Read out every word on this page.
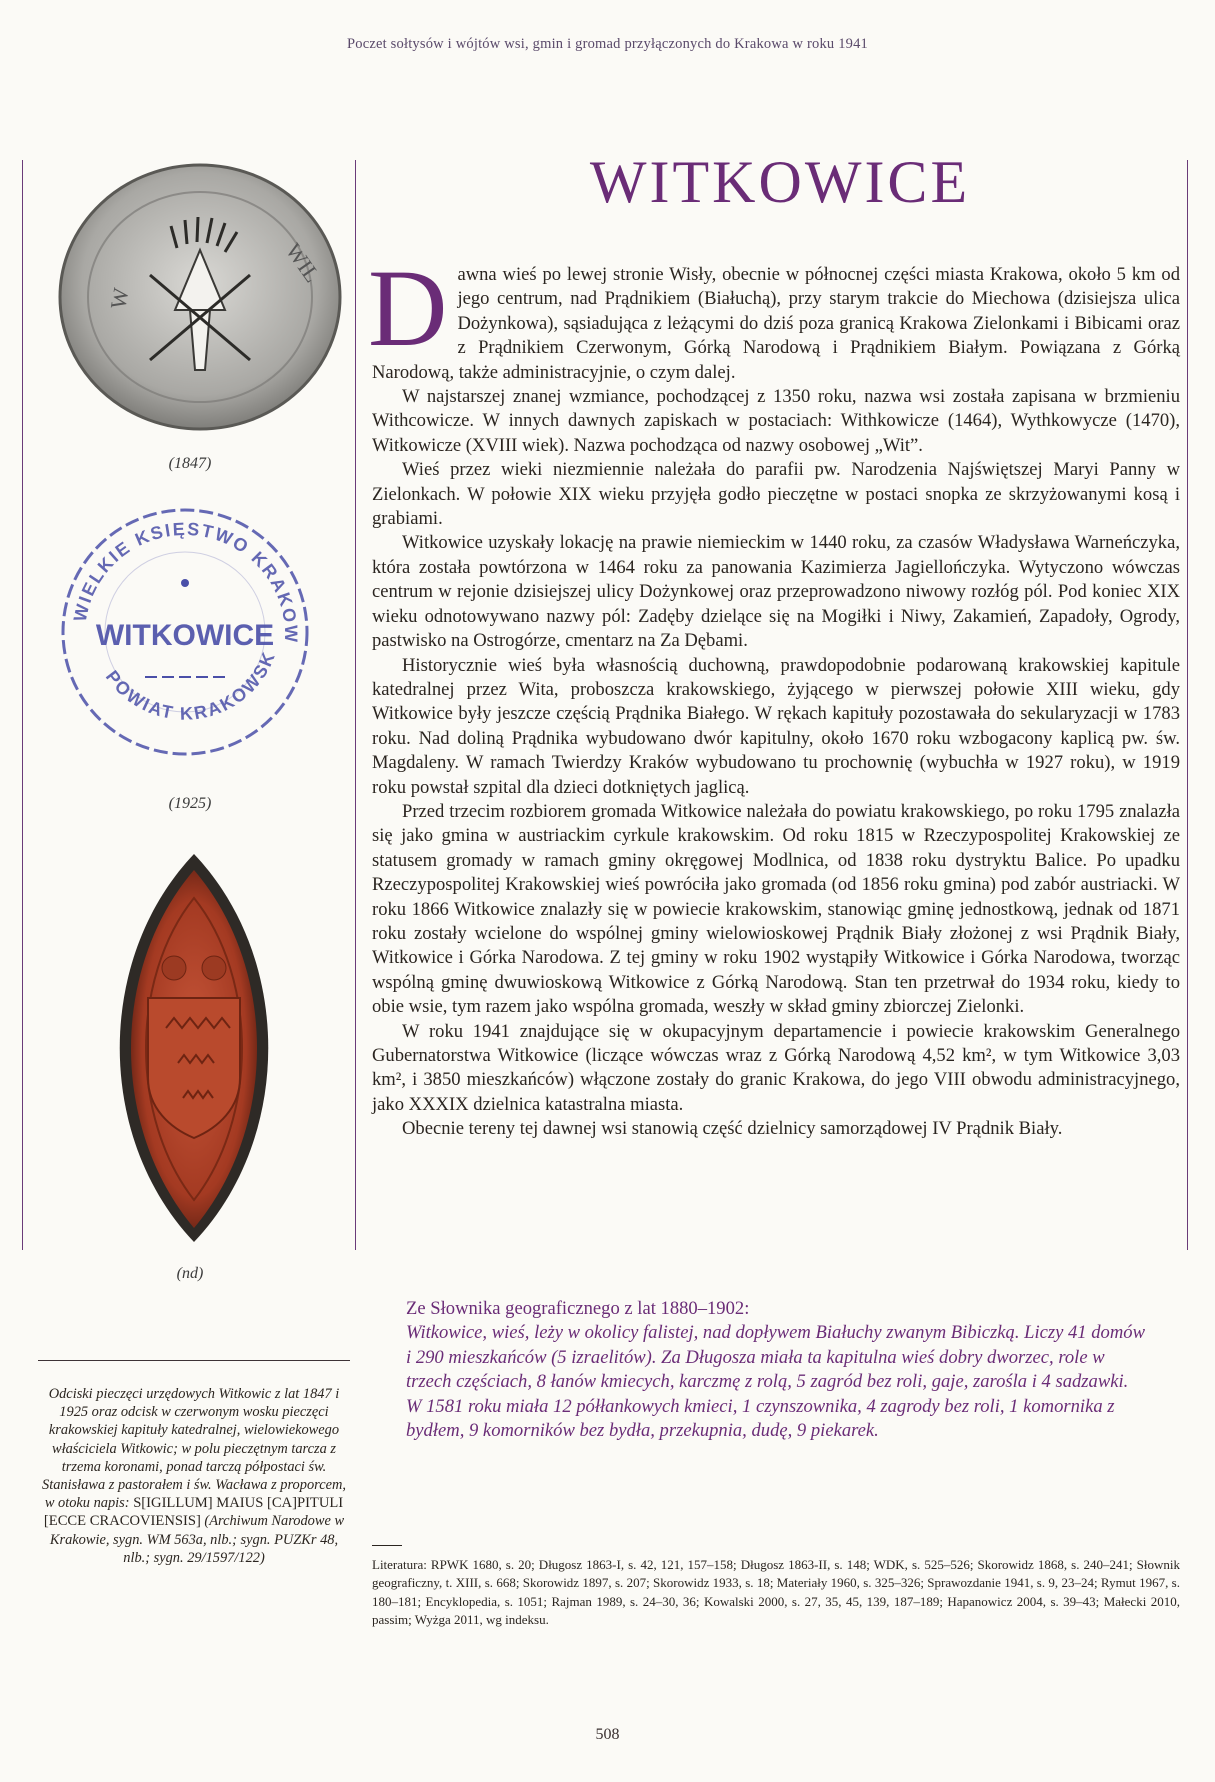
Poczet sołtysów i wójtów wsi, gmin i gromad przyłączonych do Krakowa w roku 1941
WIL
W
(1847)
WITKOWICE
WIELKIE KSIĘSTWO KRAKOW
POWIAT KRAKOWSK
(1925)
(nd)
Odciski pieczęci urzędowych Witkowic z lat 1847 i 1925 oraz odcisk w czerwonym wosku pieczęci krakowskiej kapituły katedralnej, wielowiekowego właściciela Witkowic; w polu pieczętnym tarcza z trzema koronami, ponad tarczą półpostaci św. Stanisława z pastorałem i św. Wacława z proporcem, w otoku napis: S[IGILLUM] MAIUS [CA]PITULI [ECCE CRACOVIENSIS] (Archiwum Narodowe w Krakowie, sygn. WM 563a, nlb.; sygn. PUZKr 48, nlb.; sygn. 29/1597/122)
WITKOWICE

Dawna wieś po lewej stronie Wisły, obecnie w północnej części miasta Krakowa, około 5 km od jego centrum, nad Prądnikiem (Białuchą), przy starym trakcie do Miechowa (dzisiejsza ulica Dożynkowa), sąsiadująca z leżącymi do dziś poza granicą Krakowa Zielonkami i Bibicami oraz z Prądnikiem Czerwonym, Górką Narodową i Prądnikiem Białym. Powiązana z Górką Narodową, także administracyjnie, o czym dalej.

W najstarszej znanej wzmiance, pochodzącej z 1350 roku, nazwa wsi została zapisana w brzmieniu Withcowicze. W innych dawnych zapiskach w postaciach: Withkowicze (1464), Wythkowycze (1470), Witkowicze (XVIII wiek). Nazwa pochodząca od nazwy osobowej „Wit”.

Wieś przez wieki niezmiennie należała do parafii pw. Narodzenia Najświętszej Maryi Panny w Zielonkach. W połowie XIX wieku przyjęła godło pieczętne w postaci snopka ze skrzyżowanymi kosą i grabiami.

Witkowice uzyskały lokację na prawie niemieckim w 1440 roku, za czasów Władysława Warneńczyka, która została powtórzona w 1464 roku za panowania Kazimierza Jagiellończyka. Wytyczono wówczas centrum w rejonie dzisiejszej ulicy Dożynkowej oraz przeprowadzono niwowy rozłóg pól. Pod koniec XIX wieku odnotowywano nazwy pól: Zadęby dzielące się na Mogiłki i Niwy, Zakamień, Zapadoły, Ogrody, pastwisko na Ostrogórze, cmentarz na Za Dębami.

Historycznie wieś była własnością duchowną, prawdopodobnie podarowaną krakowskiej kapitule katedralnej przez Wita, proboszcza krakowskiego, żyjącego w pierwszej połowie XIII wieku, gdy Witkowice były jeszcze częścią Prądnika Białego. W rękach kapituły pozostawała do sekularyzacji w 1783 roku. Nad doliną Prądnika wybudowano dwór kapitulny, około 1670 roku wzbogacony kaplicą pw. św. Magdaleny. W ramach Twierdzy Kraków wybudowano tu prochownię (wybuchła w 1927 roku), w 1919 roku powstał szpital dla dzieci dotkniętych jaglicą.

Przed trzecim rozbiorem gromada Witkowice należała do powiatu krakowskiego, po roku 1795 znalazła się jako gmina w austriackim cyrkule krakowskim. Od roku 1815 w Rzeczypospolitej Krakowskiej ze statusem gromady w ramach gminy okręgowej Modlnica, od 1838 roku dystryktu Balice. Po upadku Rzeczypospolitej Krakowskiej wieś powróciła jako gromada (od 1856 roku gmina) pod zabór austriacki. W roku 1866 Witkowice znalazły się w powiecie krakowskim, stanowiąc gminę jednostkową, jednak od 1871 roku zostały wcielone do wspólnej gminy wielowioskowej Prądnik Biały złożonej z wsi Prądnik Biały, Witkowice i Górka Narodowa. Z tej gminy w roku 1902 wystąpiły Witkowice i Górka Narodowa, tworząc wspólną gminę dwuwioskową Witkowice z Górką Narodową. Stan ten przetrwał do 1934 roku, kiedy to obie wsie, tym razem jako wspólna gromada, weszły w skład gminy zbiorczej Zielonki.

W roku 1941 znajdujące się w okupacyjnym departamencie i powiecie krakowskim Generalnego Gubernatorstwa Witkowice (liczące wówczas wraz z Górką Narodową 4,52 km², w tym Witkowice 3,03 km², i 3850 mieszkańców) włączone zostały do granic Krakowa, do jego VIII obwodu administracyjnego, jako XXXIX dzielnica katastralna miasta.

Obecnie tereny tej dawnej wsi stanowią część dzielnicy samorządowej IV Prądnik Biały.

Ze Słownika geograficznego z lat 1880–1902:
Witkowice, wieś, leży w okolicy falistej, nad dopływem Białuchy zwanym Bibiczką. Liczy 41 domów i 290 mieszkańców (5 izraelitów). Za Długosza miała ta kapitulna wieś dobry dworzec, role w trzech częściach, 8 łanów kmiecych, karczmę z rolą, 5 zagród bez roli, gaje, zarośla i 4 sadzawki. W 1581 roku miała 12 półłankowych kmieci, 1 czynszownika, 4 zagrody bez roli, 1 komornika z bydłem, 9 komorników bez bydła, przekupnia, dudę, 9 piekarek.
Literatura: RPWK 1680, s. 20; Długosz 1863-I, s. 42, 121, 157–158; Długosz 1863-II, s. 148; WDK, s. 525–526; Skorowidz 1868, s. 240–241; Słownik geograficzny, t. XIII, s. 668; Skorowidz 1897, s. 207; Skorowidz 1933, s. 18; Materiały 1960, s. 325–326; Sprawozdanie 1941, s. 9, 23–24; Rymut 1967, s. 180–181; Encyklopedia, s. 1051; Rajman 1989, s. 24–30, 36; Kowalski 2000, s. 27, 35, 45, 139, 187–189; Hapanowicz 2004, s. 39–43; Małecki 2010, passim; Wyżga 2011, wg indeksu.
508
